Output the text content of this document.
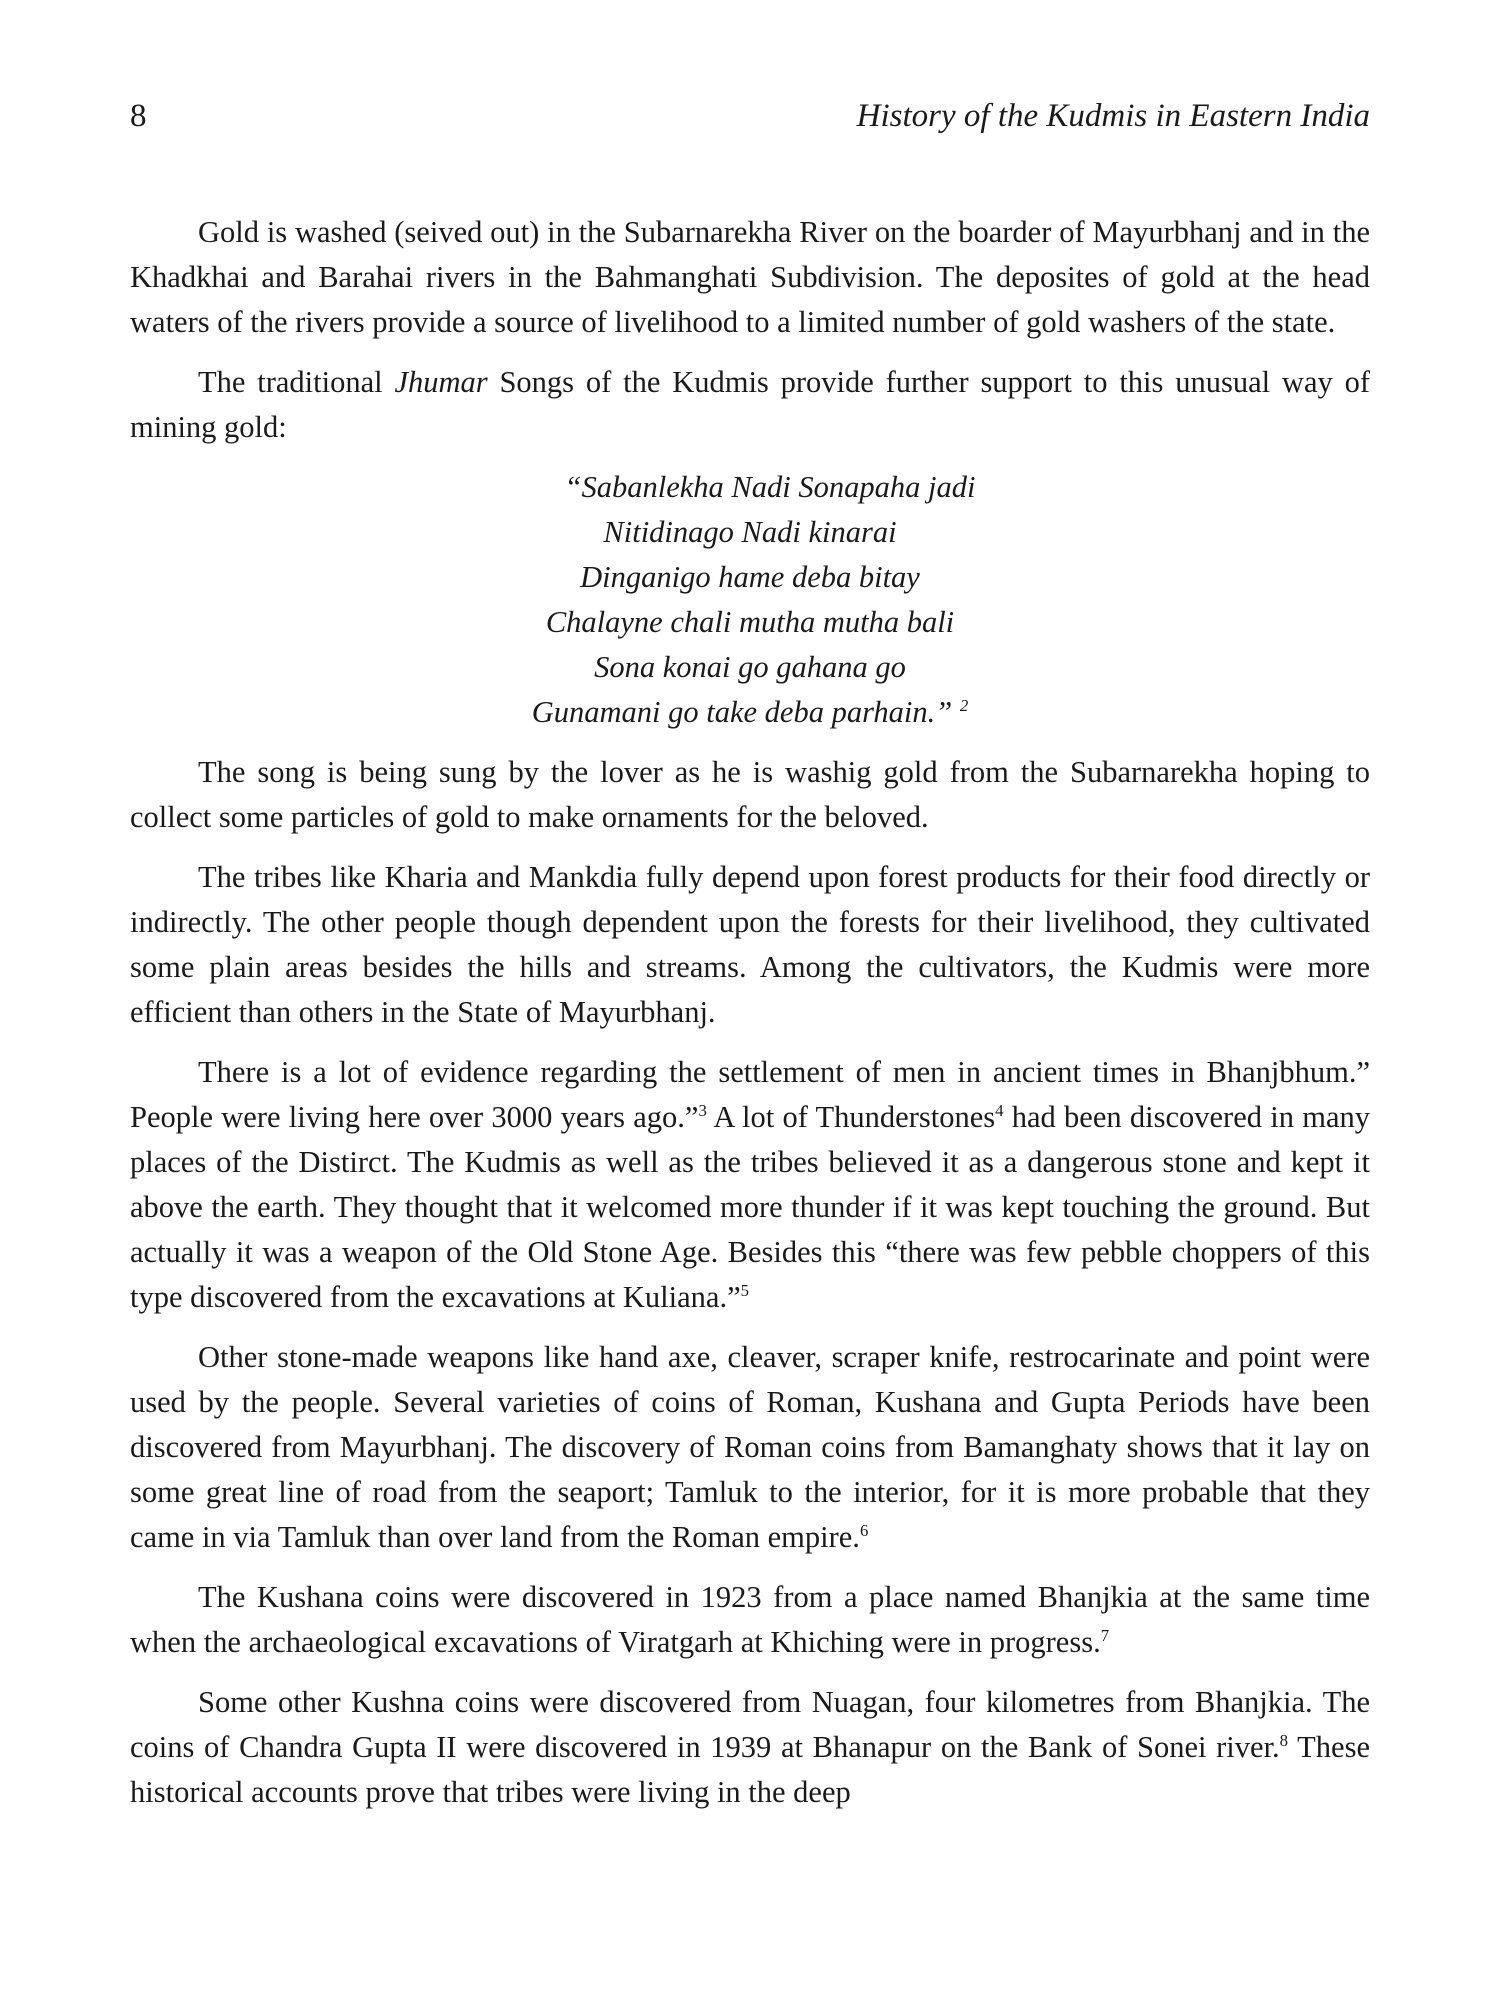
8	History of the Kudmis in Eastern India

Gold is washed (seived out) in the Subarnarekha River on the boarder of Mayurbhanj and in the Khadkhai and Barahai rivers in the Bahmanghati Subdivision. The deposites of gold at the head waters of the rivers provide a source of livelihood to a limited number of gold washers of the state.

The traditional Jhumar Songs of the Kudmis provide further support to this unusual way of mining gold:

“Sabanlekha Nadi Sonapaha jadi
Nitidinago Nadi kinarai
Dinganigo hame deba bitay
Chalayne chali mutha mutha bali
Sona konai go gahana go
Gunamani go take deba parhain.” $^2$

The song is being sung by the lover as he is washig gold from the Subarnarekha hoping to collect some particles of gold to make ornaments for the beloved.

The tribes like Kharia and Mankdia fully depend upon forest products for their food directly or indirectly. The other people though dependent upon the forests for their livelihood, they cultivated some plain areas besides the hills and streams. Among the cultivators, the Kudmis were more efficient than others in the State of Mayurbhanj.

There is a lot of evidence regarding the settlement of men in ancient times in Bhanjbhum.” People were living here over 3000 years ago.”$^3$ A lot of Thunderstones$^4$ had been discovered in many places of the Distirct. The Kudmis as well as the tribes believed it as a dangerous stone and kept it above the earth. They thought that it welcomed more thunder if it was kept touching the ground. But actually it was a weapon of the Old Stone Age. Besides this “there was few pebble choppers of this type discovered from the excavations at Kuliana.”$^5$

Other stone-made weapons like hand axe, cleaver, scraper knife, restrocarinate and point were used by the people. Several varieties of coins of Roman, Kushana and Gupta Periods have been discovered from Mayurbhanj. The discovery of Roman coins from Bamanghaty shows that it lay on some great line of road from the seaport; Tamluk to the interior, for it is more probable that they came in via Tamluk than over land from the Roman empire.$^6$

The Kushana coins were discovered in 1923 from a place named Bhanjkia at the same time when the archaeological excavations of Viratgarh at Khiching were in progress.$^7$

Some other Kushna coins were discovered from Nuagan, four kilometres from Bhanjkia. The coins of Chandra Gupta II were discovered in 1939 at Bhanapur on the Bank of Sonei river.$^8$ These historical accounts prove that tribes were living in the deep
